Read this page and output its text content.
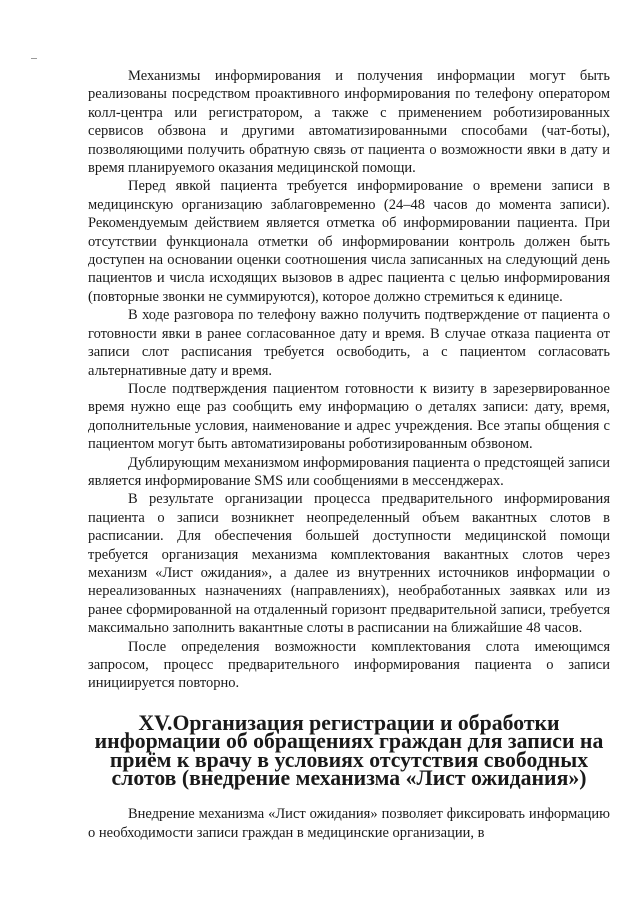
Механизмы информирования и получения информации могут быть реализованы посредством проактивного информирования по телефону оператором колл-центра или регистратором, а также с применением роботизированных сервисов обзвона и другими автоматизированными способами (чат-боты), позволяющими получить обратную связь от пациента о возможности явки в дату и время планируемого оказания медицинской помощи.

Перед явкой пациента требуется информирование о времени записи в медицинскую организацию заблаговременно (24–48 часов до момента записи). Рекомендуемым действием является отметка об информировании пациента. При отсутствии функционала отметки об информировании контроль должен быть доступен на основании оценки соотношения числа записанных на следующий день пациентов и числа исходящих вызовов в адрес пациента с целью информирования (повторные звонки не суммируются), которое должно стремиться к единице.

В ходе разговора по телефону важно получить подтверждение от пациента о готовности явки в ранее согласованное дату и время. В случае отказа пациента от записи слот расписания требуется освободить, а с пациентом согласовать альтернативные дату и время.

После подтверждения пациентом готовности к визиту в зарезервированное время нужно еще раз сообщить ему информацию о деталях записи: дату, время, дополнительные условия, наименование и адрес учреждения. Все этапы общения с пациентом могут быть автоматизированы роботизированным обзвоном.

Дублирующим механизмом информирования пациента о предстоящей записи является информирование SMS или сообщениями в мессенджерах.

В результате организации процесса предварительного информирования пациента о записи возникнет неопределенный объем вакантных слотов в расписании. Для обеспечения большей доступности медицинской помощи требуется организация механизма комплектования вакантных слотов через механизм «Лист ожидания», а далее из внутренних источников информации о нереализованных назначениях (направлениях), необработанных заявках или из ранее сформированной на отдаленный горизонт предварительной записи, требуется максимально заполнить вакантные слоты в расписании на ближайшие 48 часов.

После определения возможности комплектования слота имеющимся запросом, процесс предварительного информирования пациента о записи инициируется повторно.

XV.Организация регистрации и обработки информации об обращениях граждан для записи на приём к врачу в условиях отсутствия свободных слотов (внедрение механизма «Лист ожидания»)

Внедрение механизма «Лист ожидания» позволяет фиксировать информацию о необходимости записи граждан в медицинские организации, в
